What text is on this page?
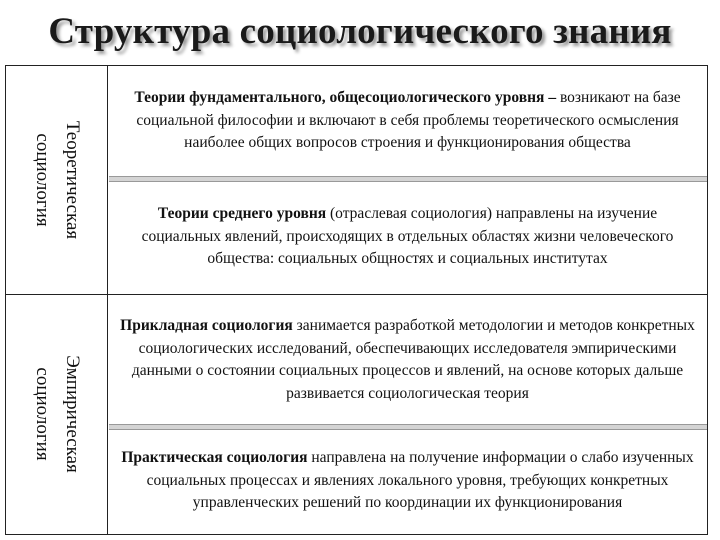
Структура социологического знания
Теоретическая
социология
Теории фундаментального, общесоциологического уровня – возникают на базе социальной философии и включают в себя проблемы теоретического осмысления наиболее общих вопросов строения и функционирования общества
Теории среднего уровня (отраслевая социология) направлены на изучение социальных явлений, происходящих в отдельных областях жизни человеческого общества: социальных общностях и социальных институтах
Эмпирическая
социология
Прикладная социология занимается разработкой методологии и методов конкретных социологических исследований, обеспечивающих исследователя эмпирическими данными о состоянии социальных процессов и явлений, на основе которых дальше развивается социологическая теория
Практическая социология направлена на получение информации о слабо изученных социальных процессах и явлениях локального уровня, требующих конкретных управленческих решений по координации их функционирования
